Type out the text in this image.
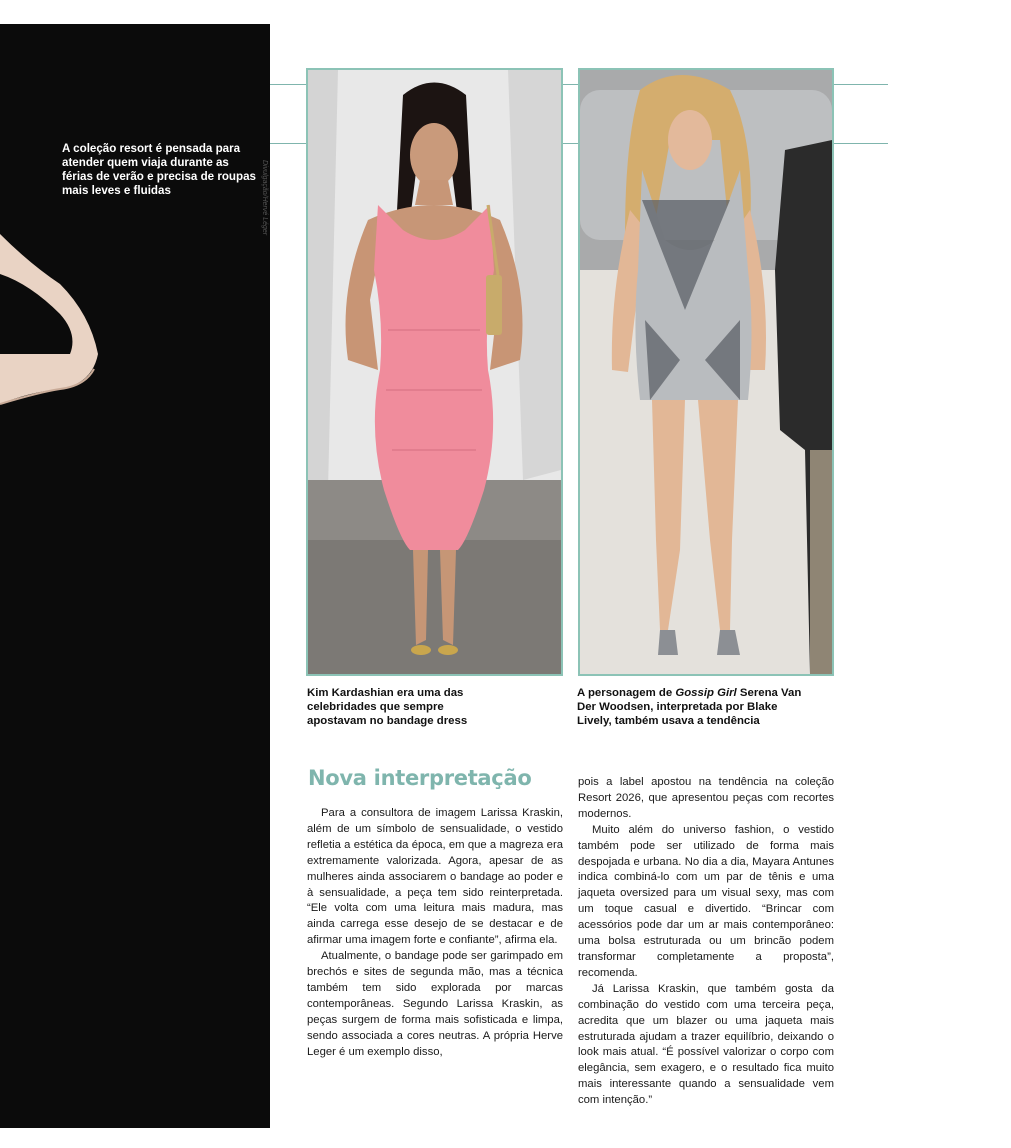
A coleção resort é pensada para atender quem viaja durante as férias de verão e precisa de roupas mais leves e fluidas	Divulgação/Hervé Léger
Kim Kardashian era uma das celebridades que sempre apostavam no bandage dress
A personagem de Gossip Girl Serena Van Der Woodsen, interpretada por Blake Lively, também usava a tendência
Nova interpretação

Para a consultora de imagem Larissa Kraskin, além de um símbolo de sensualidade, o vestido refletia a estética da época, em que a magreza era extremamente valorizada. Agora, apesar de as mulheres ainda associarem o bandage ao poder e à sensualidade, a peça tem sido reinterpretada. “Ele volta com uma leitura mais madura, mas ainda carrega esse desejo de se destacar e de afirmar uma imagem forte e confiante”, afirma ela.

Atualmente, o bandage pode ser garimpado em brechós e sites de segunda mão, mas a técnica também tem sido explorada por marcas contemporâneas. Segundo Larissa Kraskin, as peças surgem de forma mais sofisticada e limpa, sendo associada a cores neutras. A própria Herve Leger é um exemplo disso,

pois a label apostou na tendência na coleção Resort 2026, que apresentou peças com recortes modernos.

Muito além do universo fashion, o vestido também pode ser utilizado de forma mais despojada e urbana. No dia a dia, Mayara Antunes indica combiná-lo com um par de tênis e uma jaqueta oversized para um visual sexy, mas com um toque casual e divertido. “Brincar com acessórios pode dar um ar mais contemporâneo: uma bolsa estruturada ou um brincão podem transformar completamente a proposta”, recomenda.

Já Larissa Kraskin, que também gosta da combinação do vestido com uma terceira peça, acredita que um blazer ou uma jaqueta mais estruturada ajudam a trazer equilíbrio, deixando o look mais atual. “É possível valorizar o corpo com elegância, sem exagero, e o resultado fica muito mais interessante quando a sensualidade vem com intenção.”
